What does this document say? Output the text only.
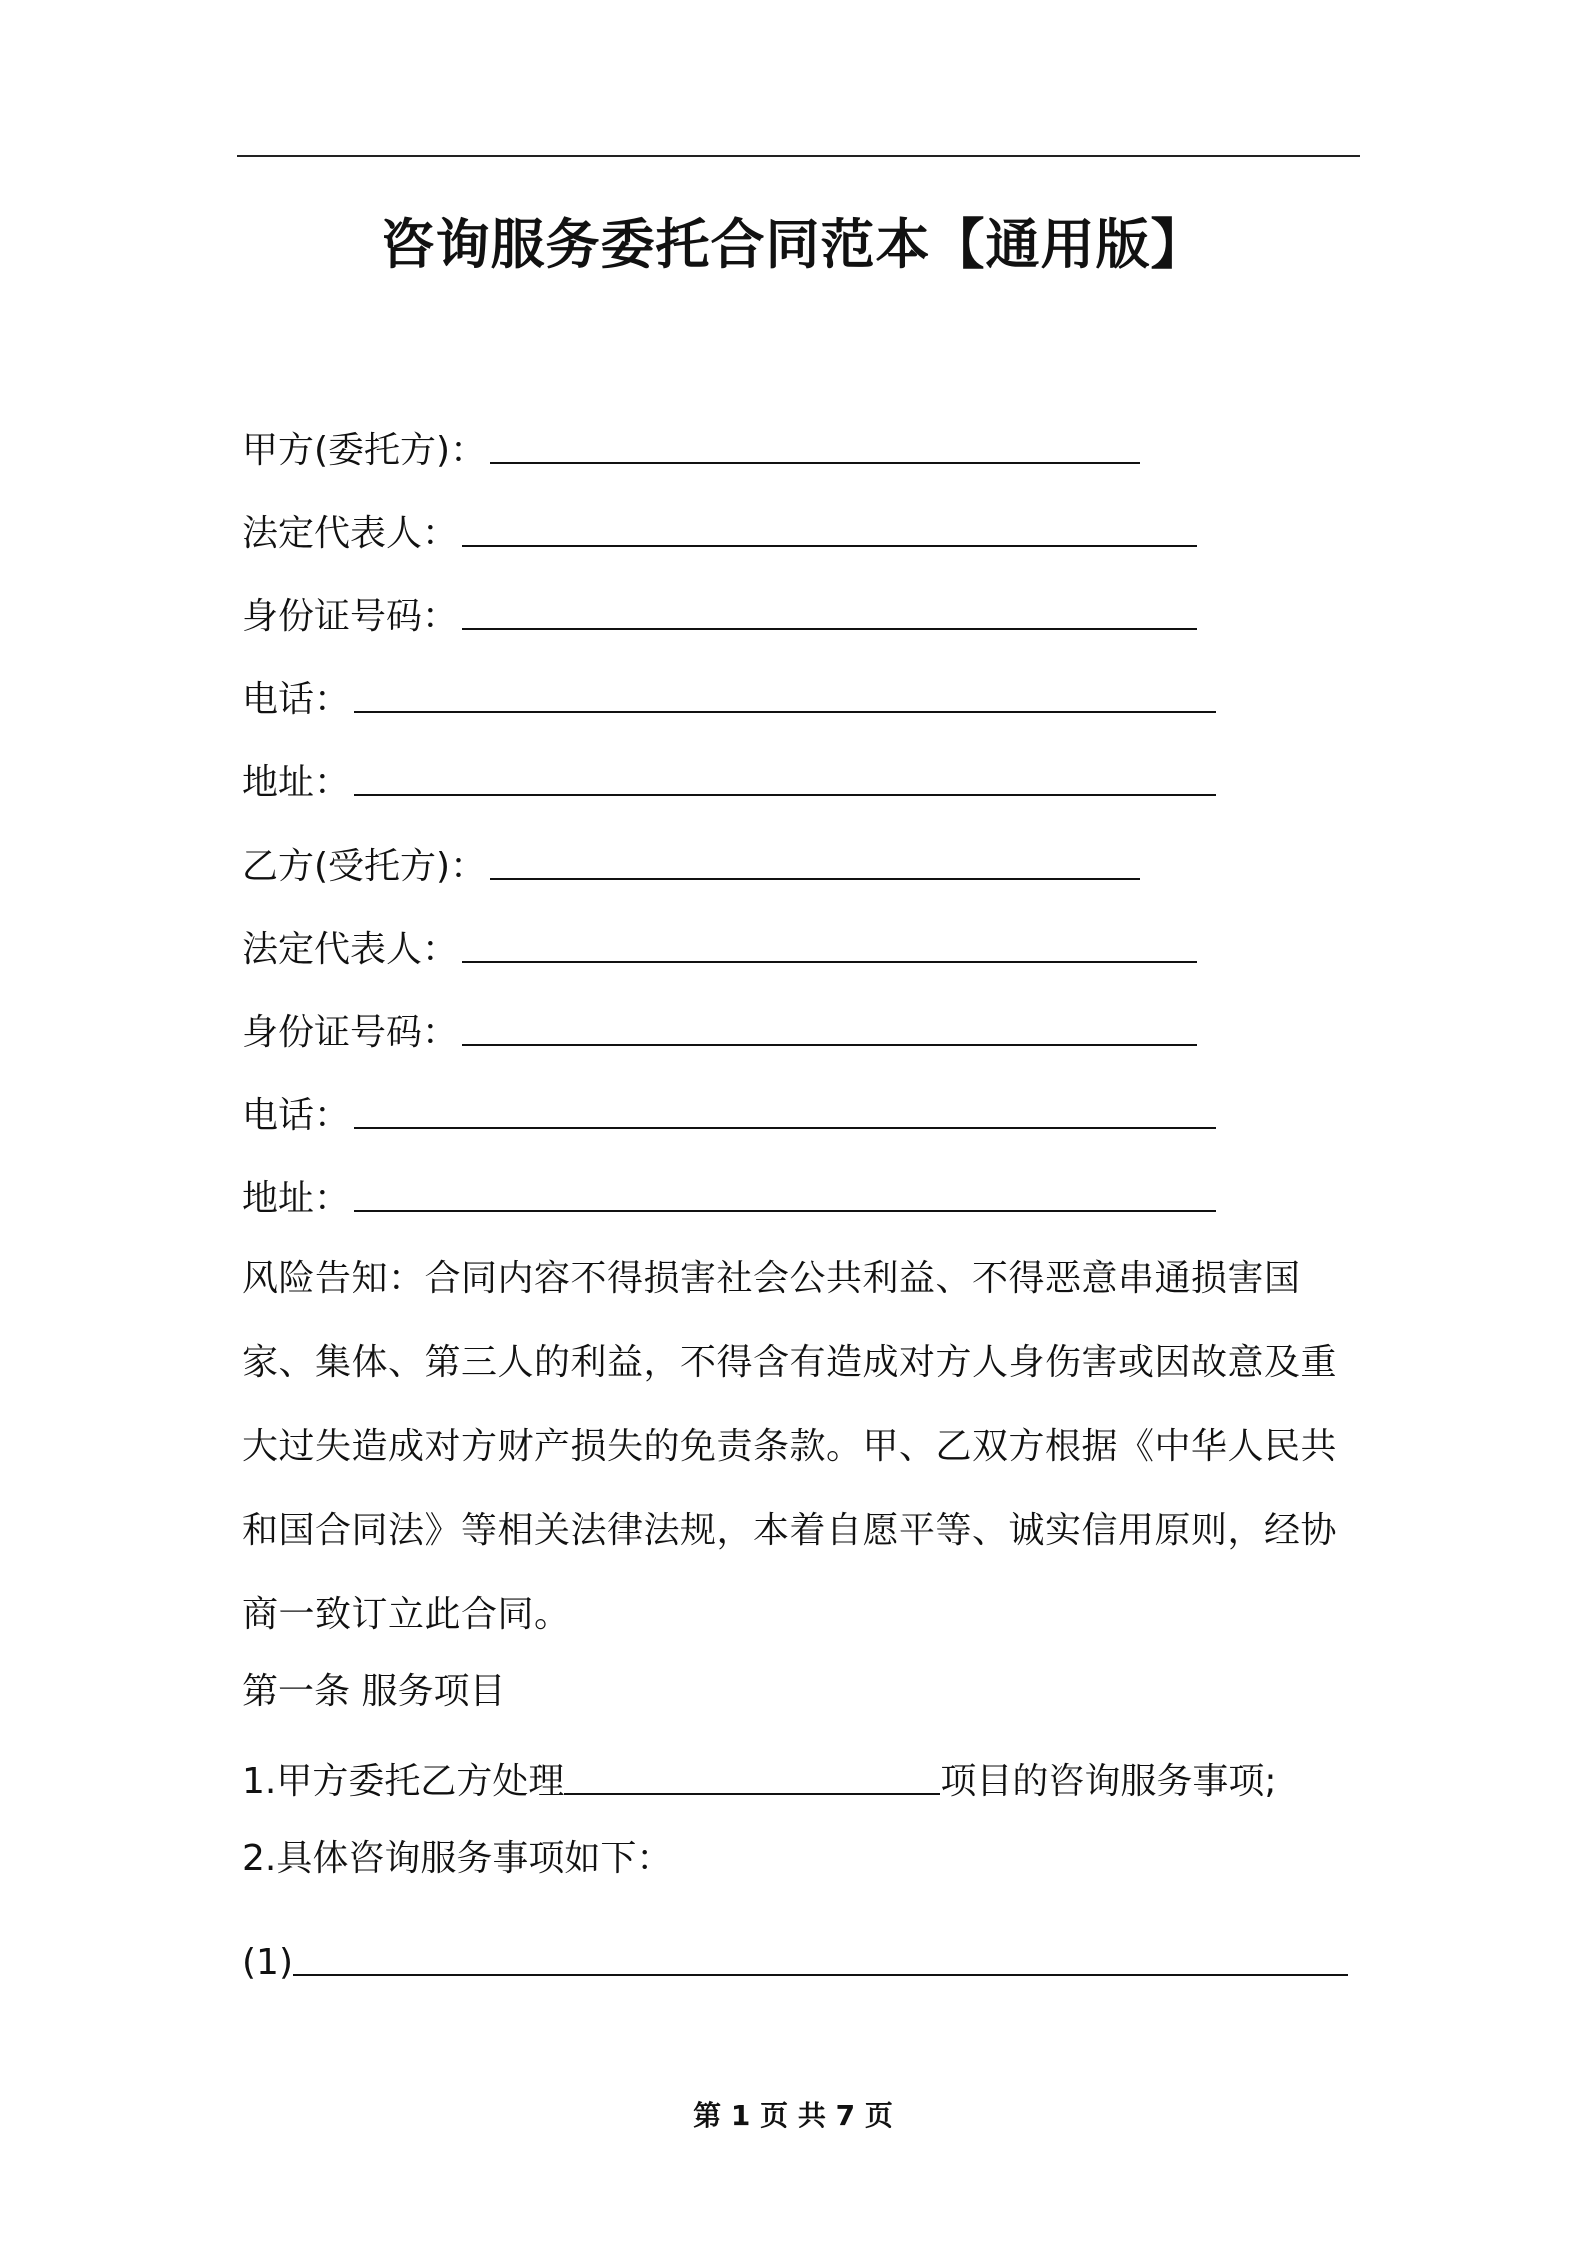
咨询服务委托合同范本【通用版】
甲方(委托方)：
法定代表人：
身份证号码：
电话：
地址：
乙方(受托方)：
法定代表人：
身份证号码：
电话：
地址：
风险告知：合同内容不得损害社会公共利益、不得恶意串通损害国家、集体、第三人的利益，不得含有造成对方人身伤害或因故意及重大过失造成对方财产损失的免责条款。甲、乙双方根据《中华人民共和国合同法》等相关法律法规，本着自愿平等、诚实信用原则，经协商一致订立此合同。
第一条 服务项目
1.甲方委托乙方处理	项目的咨询服务事项;
2.具体咨询服务事项如下：
(1)
第 1 页 共 7 页
